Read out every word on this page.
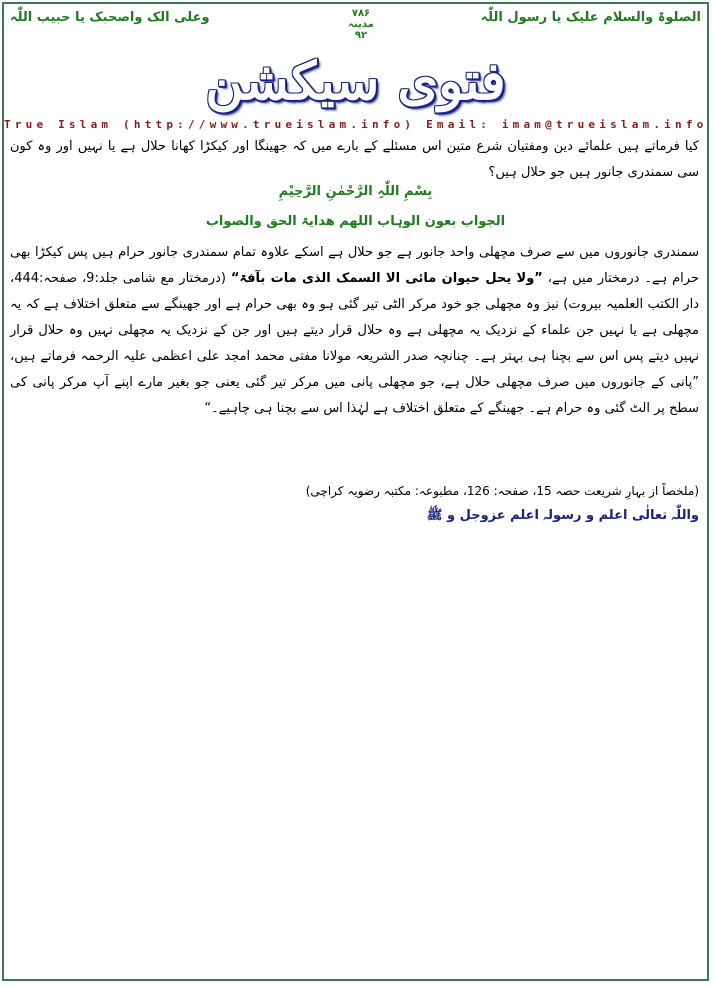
الصلوۃ والسلام علیک یا رسول اللّٰہ
۷۸۶
مدینہ
۹۲
وعلی الک واصحبک یا حبیب اللّٰہ
فتوی سیکشن
True Islam (http://www.trueislam.info) Email: imam@trueislam.info
کیا فرماتے ہیں علمائے دین ومفتیان شرع متین اس مسئلے کے بارے میں کہ جھینگا اور کیکڑا کھانا حلال ہے یا نہیں اور وہ کون سی سمندری جانور ہیں جو حلال ہیں؟
بِسْمِ اللّٰہِ الرَّحْمٰنِ الرَّحِیْمِ
الجواب بعون الوہاب اللھم ھدایۃ الحق والصواب
سمندری جانوروں میں سے صرف مچھلی واحد جانور ہے جو حلال ہے اسکے علاوہ تمام سمندری جانور حرام ہیں پس کیکڑا بھی حرام ہے۔ درمختار میں ہے، ”ولا یحل حیوان مائی الا السمک الذی مات بآفۃ“ (درمختار مع شامی جلد:9، صفحہ:444، دار الکتب العلمیہ بیروت) نیز وہ مچھلی جو خود مرکر الٹی تیر گئی ہو وہ بھی حرام ہے اور جھینگے سے متعلق اختلاف ہے کہ یہ مچھلی ہے یا نہیں جن علماء کے نزدیک یہ مچھلی ہے وہ حلال قرار دیتے ہیں اور جن کے نزدیک یہ مچھلی نہیں وہ حلال قرار نہیں دیتے پس اس سے بچنا ہی بہتر ہے۔ چنانچہ صدر الشریعہ مولانا مفتی محمد امجد علی اعظمی علیہ الرحمہ فرماتے ہیں، ”پانی کے جانوروں میں صرف مچھلی حلال ہے، جو مچھلی پانی میں مرکر تیر گئی یعنی جو بغیر مارے اپنے آپ مرکر پانی کی سطح پر الٹ گئی وہ حرام ہے۔ جھینگے کے متعلق اختلاف ہے لہٰذا اس سے بچنا ہی چاہیے۔“
(ملخصاً از بہارِ شریعت حصہ 15، صفحہ: 126، مطبوعہ: مکتبہ رضویہ کراچی)
واللّٰہ تعالٰی اعلم و رسولہ اعلم عزوجل و ﷺ
